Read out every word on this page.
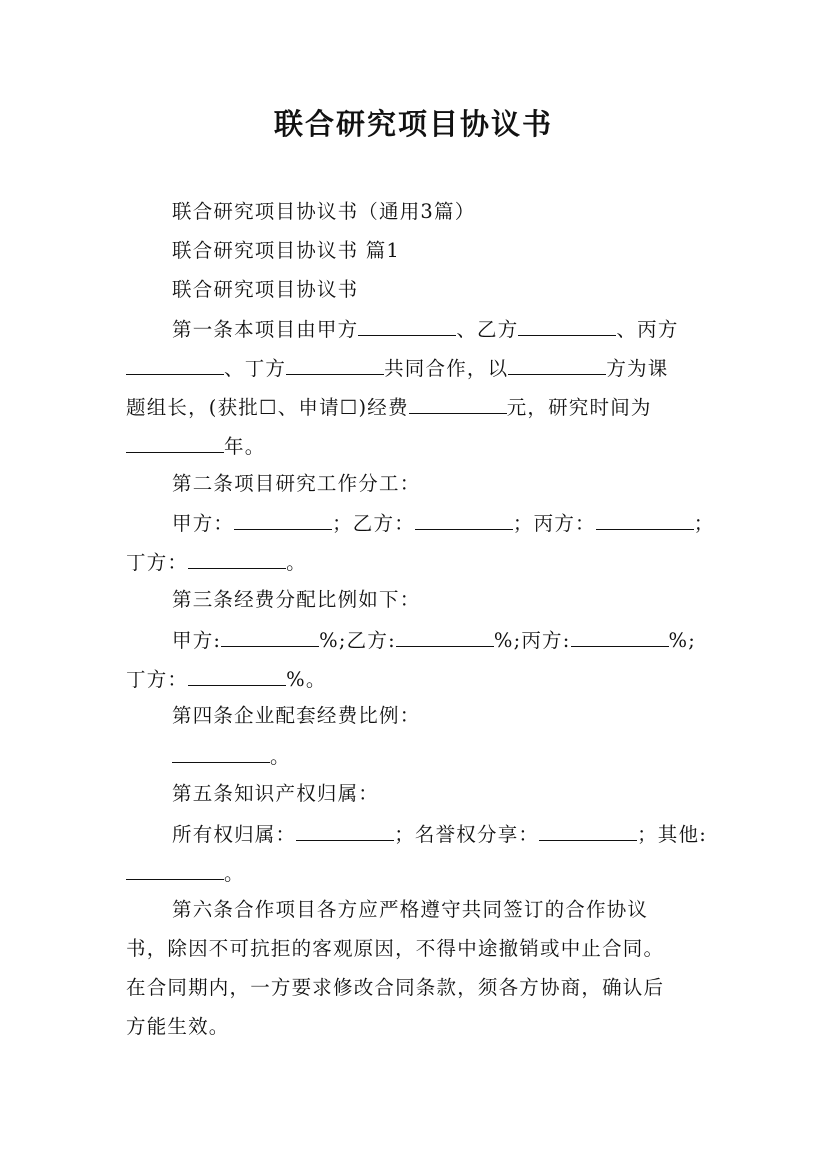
联合研究项目协议书
联合研究项目协议书（通用3篇）
联合研究项目协议书 篇1
联合研究项目协议书
第一条本项目由甲方	、乙方	、丙方
、丁方	共同合作，以	方为课
题组长，(获批☐、申请☐)经费	元，研究时间为
年。
第二条项目研究工作分工：
甲方：	；乙方：	；丙方：	；
丁方：	。
第三条经费分配比例如下：
甲方:	%;乙方:	%;丙方:	%;
丁方：	%。
第四条企业配套经费比例：
。
第五条知识产权归属：
所有权归属：	；名誉权分享：	；其他:
。
第六条合作项目各方应严格遵守共同签订的合作协议
书，除因不可抗拒的客观原因，不得中途撤销或中止合同。
在合同期内，一方要求修改合同条款，须各方协商，确认后
方能生效。
